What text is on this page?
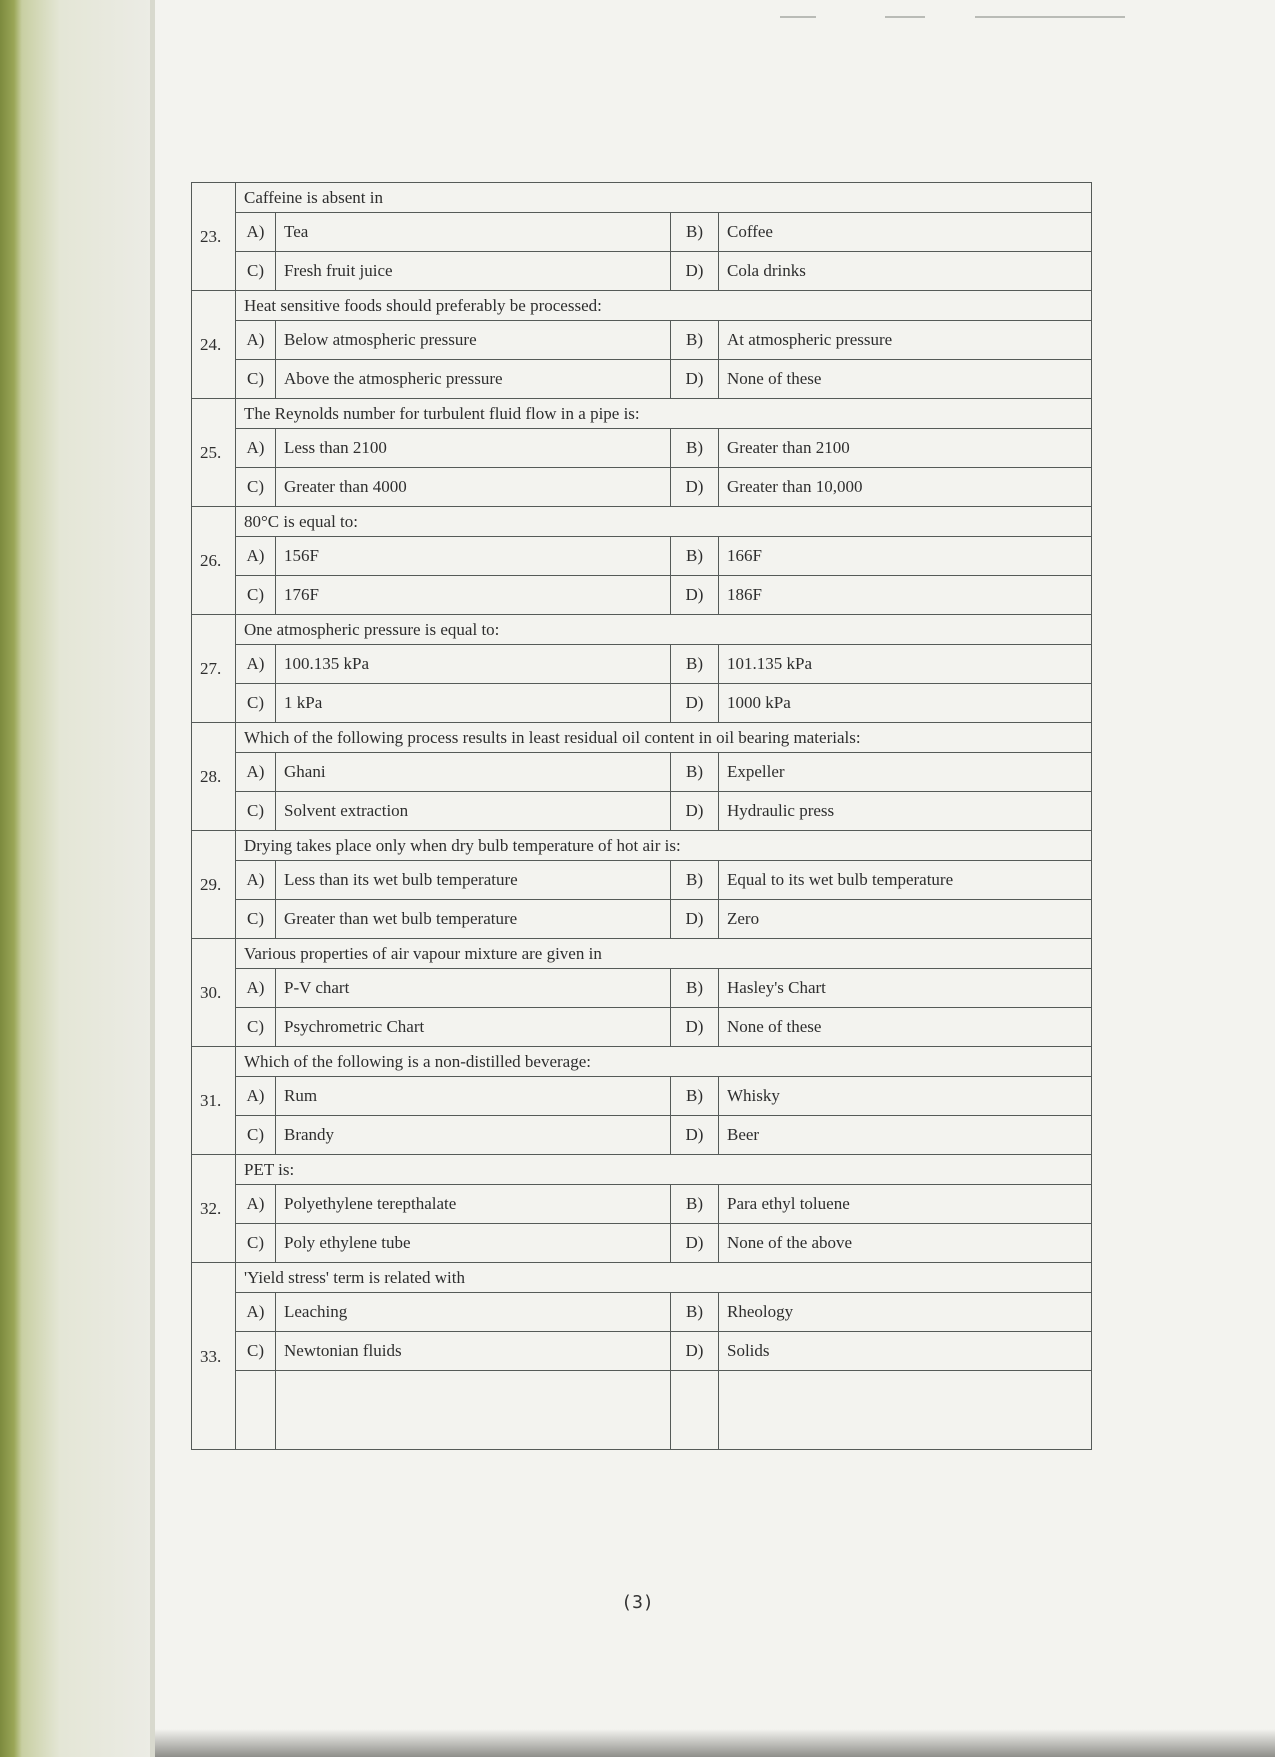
23.	Caffeine is absent in			
	A)	Tea	B)	Coffee
	C)	Fresh fruit juice	D)	Cola drinks
24.	Heat sensitive foods should preferably be processed:			
	A)	Below atmospheric pressure	B)	At atmospheric pressure
	C)	Above the atmospheric pressure	D)	None of these
25.	The Reynolds number for turbulent fluid flow in a pipe is:			
	A)	Less than 2100	B)	Greater than 2100
	C)	Greater than 4000	D)	Greater than 10,000
26.	80°C is equal to:			
	A)	156F	B)	166F
	C)	176F	D)	186F
27.	One atmospheric pressure is equal to:			
	A)	100.135 kPa	B)	101.135 kPa
	C)	1 kPa	D)	1000 kPa
28.	Which of the following process results in least residual oil content in oil bearing materials:			
	A)	Ghani	B)	Expeller
	C)	Solvent extraction	D)	Hydraulic press
29.	Drying takes place only when dry bulb temperature of hot air is:			
	A)	Less than its wet bulb temperature	B)	Equal to its wet bulb temperature
	C)	Greater than wet bulb temperature	D)	Zero
30.	Various properties of air vapour mixture are given in			
	A)	P-V chart	B)	Hasley's Chart
	C)	Psychrometric Chart	D)	None of these
31.	Which of the following is a non-distilled beverage:			
	A)	Rum	B)	Whisky
	C)	Brandy	D)	Beer
32.	PET is:			
	A)	Polyethylene terepthalate	B)	Para ethyl toluene
	C)	Poly ethylene tube	D)	None of the above
33.	'Yield stress' term is related with			
	A)	Leaching	B)	Rheology
	C)	Newtonian fluids	D)	Solids

(3)
